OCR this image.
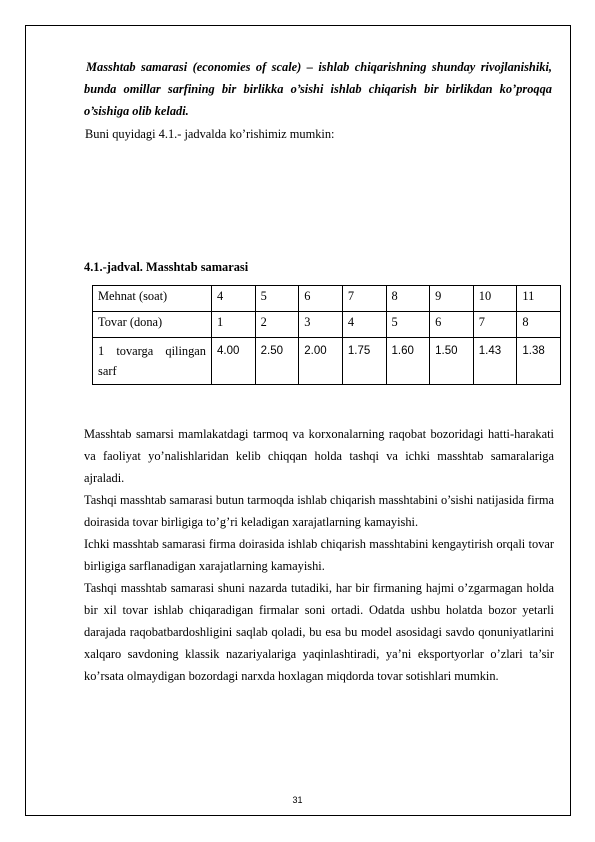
Masshtab samarasi (economies of scale) – ishlab chiqarishning shunday rivojlanishiki, bunda omillar sarfining bir birlikka o’sishi ishlab chiqarish bir birlikdan ko’proqqa o’sishiga olib keladi.

Buni quyidagi 4.1.- jadvalda ko’rishimiz mumkin:

4.1.-jadval. Masshtab samarasi

Mehnat (soat)	4	5	6	7	8	9	10	11
Tovar (dona)	1	2	3	4	5	6	7	8
1 tovarga qilingan sarf	4.00	2.50	2.00	1.75	1.60	1.50	1.43	1.38

Masshtab samarsi mamlakatdagi tarmoq va korxonalarning raqobat bozoridagi hatti-harakati va faoliyat yo’nalishlaridan kelib chiqqan holda tashqi va ichki masshtab samaralariga ajraladi.

Tashqi masshtab samarasi butun tarmoqda ishlab chiqarish masshtabini o’sishi natijasida firma doirasida tovar birligiga to’g’ri keladigan xarajatlarning kamayishi.

Ichki masshtab samarasi firma doirasida ishlab chiqarish masshtabini kengaytirish orqali tovar birligiga sarflanadigan xarajatlarning kamayishi.

Tashqi masshtab samarasi shuni nazarda tutadiki, har bir firmaning hajmi o’zgarmagan holda bir xil tovar ishlab chiqaradigan firmalar soni ortadi. Odatda ushbu holatda bozor yetarli darajada raqobatbardoshligini saqlab qoladi, bu esa bu model asosidagi savdo qonuniyatlarini xalqaro savdoning klassik nazariyalariga yaqinlashtiradi, ya’ni eksportyorlar o’zlari ta’sir ko’rsata olmaydigan bozordagi narxda hoxlagan miqdorda tovar sotishlari mumkin.

31
